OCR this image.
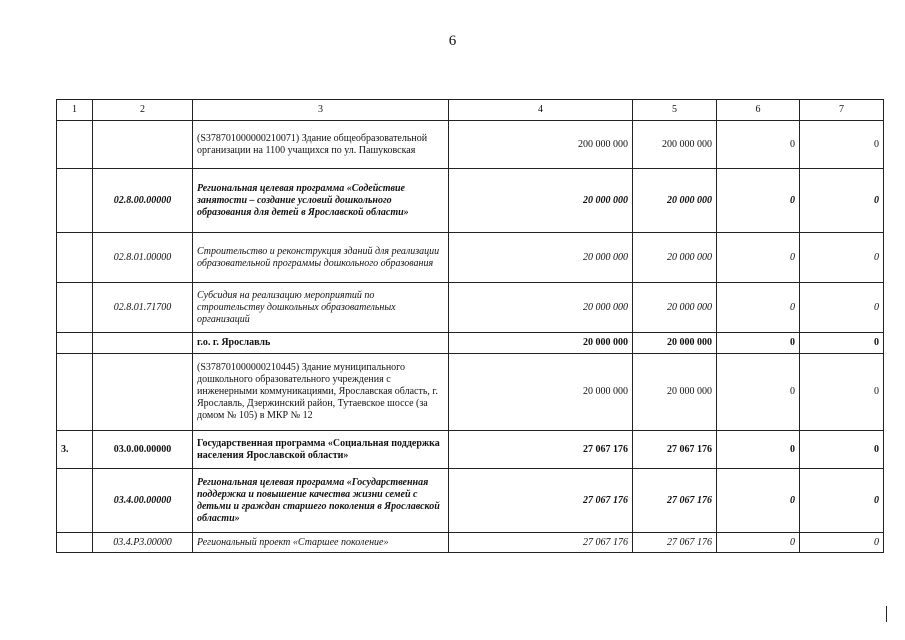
6
1	2	3	4	5	6	7
		(S378701000000210071) Здание общеобразовательной организации на 1100 учащихся по ул. Пашуковская	200 000 000	200 000 000	0	0
	02.8.00.00000	Региональная целевая программа «Содействие занятости – создание условий дошкольного образования для детей в Ярославской области»	20 000 000	20 000 000	0	0
	02.8.01.00000	Строительство и реконструкция зданий для реализации образовательной программы дошкольного образования	20 000 000	20 000 000	0	0
	02.8.01.71700	Субсидия на реализацию мероприятий по строительству дошкольных образовательных организаций	20 000 000	20 000 000	0	0
		г.о. г. Ярославль	20 000 000	20 000 000	0	0
		(S378701000000210445) Здание муниципального дошкольного образовательного учреждения с инженерными коммуникациями, Ярославская область, г. Ярославль, Дзержинский район, Тутаевское шоссе (за домом № 105) в МКР № 12	20 000 000	20 000 000	0	0
3.	03.0.00.00000	Государственная программа «Социальная поддержка населения Ярославской области»	27 067 176	27 067 176	0	0
	03.4.00.00000	Региональная целевая программа «Государственная поддержка и повышение качества жизни семей с детьми и граждан старшего поколения в Ярославской области»	27 067 176	27 067 176	0	0
	03.4.P3.00000	Региональный проект «Старшее поколение»	27 067 176	27 067 176	0	0
